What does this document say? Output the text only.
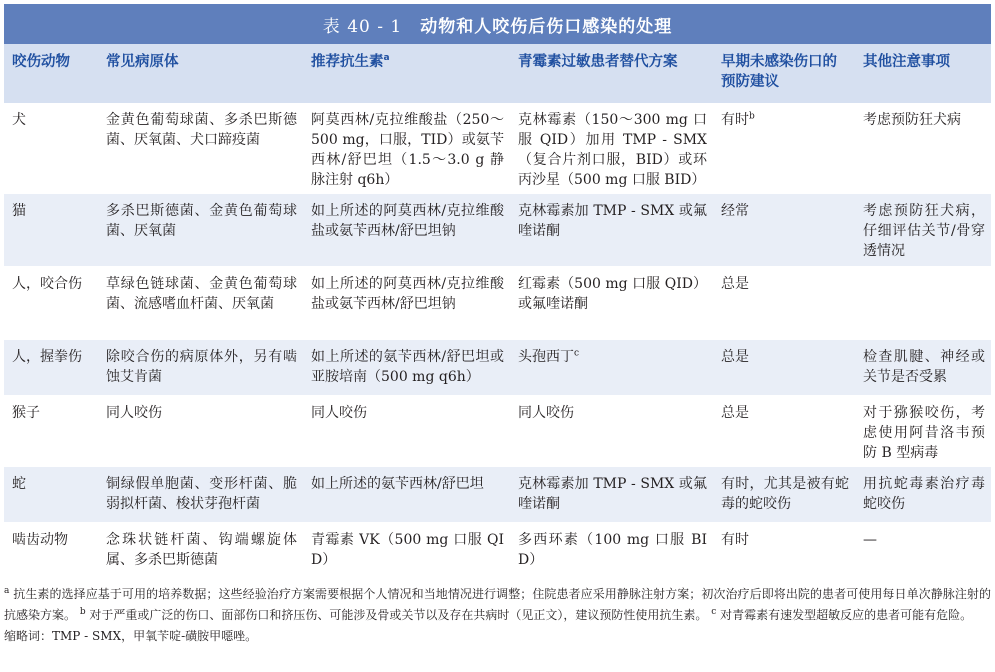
表 40 - 1 动物和人咬伤后伤口感染的处理
咬伤动物	常见病原体	推荐抗生素$^a$	青霉素过敏患者替代方案	早期未感染伤口的预防建议	其他注意事项
犬	金黄色葡萄球菌、多杀巴斯德菌、厌氧菌、犬口蹄疫菌	阿莫西林/克拉维酸盐（250～500 mg，口服，TID）或氨苄西林/舒巴坦（1.5～3.0 g 静脉注射 q6h）	克林霉素（150～300 mg 口服 QID）加用 TMP - SMX（复合片剂口服，BID）或环丙沙星（500 mg 口服 BID）	有时$^b$	考虑预防狂犬病
猫	多杀巴斯德菌、金黄色葡萄球菌、厌氧菌	如上所述的阿莫西林/克拉维酸盐或氨苄西林/舒巴坦钠	克林霉素加 TMP - SMX 或氟喹诺酮	经常	考虑预防狂犬病，仔细评估关节/骨穿透情况
人，咬合伤	草绿色链球菌、金黄色葡萄球菌、流感嗜血杆菌、厌氧菌	如上所述的阿莫西林/克拉维酸盐或氨苄西林/舒巴坦钠	红霉素（500 mg 口服 QID）或氟喹诺酮	总是	
人，握拳伤	除咬合伤的病原体外，另有啮蚀艾肯菌	如上所述的氨苄西林/舒巴坦或亚胺培南（500 mg q6h）	头孢西丁$^c$	总是	检查肌腱、神经或关节是否受累
猴子	同人咬伤	同人咬伤	同人咬伤	总是	对于猕猴咬伤，考虑使用阿昔洛韦预防 B 型病毒
蛇	铜绿假单胞菌、变形杆菌、脆弱拟杆菌、梭状芽孢杆菌	如上所述的氨苄西林/舒巴坦	克林霉素加 TMP - SMX 或氟喹诺酮	有时，尤其是被有蛇毒的蛇咬伤	用抗蛇毒素治疗毒蛇咬伤
啮齿动物	念珠状链杆菌、钩端螺旋体属、多杀巴斯德菌	青霉素 VK（500 mg 口服 QID）	多西环素（100 mg 口服 BID）	有时	—

$^a$ 抗生素的选择应基于可用的培养数据；这些经验治疗方案需要根据个人情况和当地情况进行调整；住院患者应采用静脉注射方案；初次治疗后即将出院的患者可使用每日单次静脉注射的抗感染方案。 $^b$ 对于严重或广泛的伤口、面部伤口和挤压伤、可能涉及骨或关节以及存在共病时（见正文），建议预防性使用抗生素。 $^c$ 对青霉素有速发型超敏反应的患者可能有危险。

缩略词：TMP - SMX，甲氧苄啶-磺胺甲噁唑。
